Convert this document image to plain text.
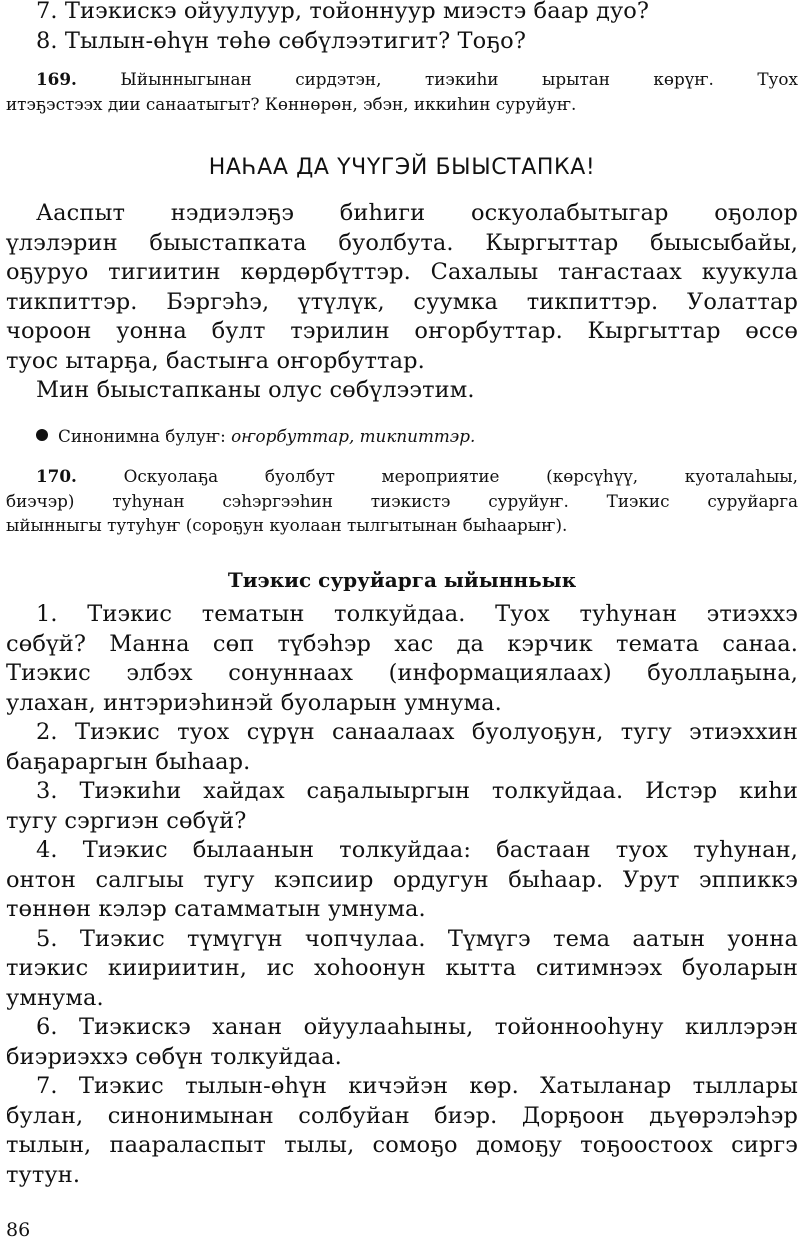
7. Тиэкискэ ойуулуур, тойоннуур миэстэ баар дуо?
8. Тылын-өһүн төһө сөбүлээтигит? Тоҕо?
169.	Ыйынныгынан сирдэтэн, тиэкиһи ырытан көрүҥ. Туох
итэҕэстээх дии санаатыгыт? Көннөрөн, эбэн, иккиһин суруйуҥ.
НАҺАА ДА ҮЧҮГЭЙ БЫЫСТАПКА!
Ааспыт нэдиэлэҕэ биһиги оскуолабытыгар оҕолор
үлэлэрин быыстапката буолбута. Кыргыттар быысыбайы,
оҕуруо тигиитин көрдөрбүттэр. Сахалыы таҥастаах куукула
тикпиттэр. Бэргэһэ, үтүлүк, суумка тикпиттэр. Уолаттар
чороон уонна булт тэрилин оҥорбуттар. Кыргыттар өссө
туос ытарҕа, бастыҥа оҥорбуттар.
Мин быыстапканы олус сөбүлээтим.
Синонимна булуҥ: оҥорбуттар, тикпиттэр.
170.	Оскуолаҕа буолбут мероприятие (көрсүһүү, куоталаһыы,
биэчэр) туһунан сэһэргээһин тиэкистэ суруйуҥ. Тиэкис суруйарга
ыйынныгы тутуһуҥ (сороҕун куолаан тылгытынан быһаарыҥ).
Тиэкис суруйарга ыйынньык
1. Тиэкис тематын толкуйдаа. Туох туһунан этиэххэ
сөбүй? Манна сөп түбэһэр хас да кэрчик темата санаа.
Тиэкис элбэх сонуннаах (информациялаах) буоллаҕына,
улахан, интэриэһинэй буоларын умнума.
2. Тиэкис туох сүрүн санаалаах буолуоҕун, тугу этиэххин
баҕараргын быһаар.
3. Тиэкиһи хайдах саҕалыыргын толкуйдаа. Истэр киһи
тугу сэргиэн сөбүй?
4. Тиэкис былаанын толкуйдаа: бастаан туох туһунан,
онтон салгыы тугу кэпсиир ордугун быһаар. Урут эппиккэ
төннөн кэлэр сатамматын умнума.
5. Тиэкис түмүгүн чопчулаа. Түмүгэ тема аатын уонна
тиэкис киириитин, ис хоһоонун кытта ситимнээх буоларын
умнума.
6. Тиэкискэ ханан ойуулааһыны, тойоннооһуну киллэрэн
биэриэххэ сөбүн толкуйдаа.
7. Тиэкис тылын-өһүн кичэйэн көр. Хатыланар тыллары
булан, синонимынан солбуйан биэр. Дорҕоон дьүөрэлэһэр
тылын, паараласпыт тылы, сомоҕо домоҕу тоҕоостоох сиргэ
тутун.
86
